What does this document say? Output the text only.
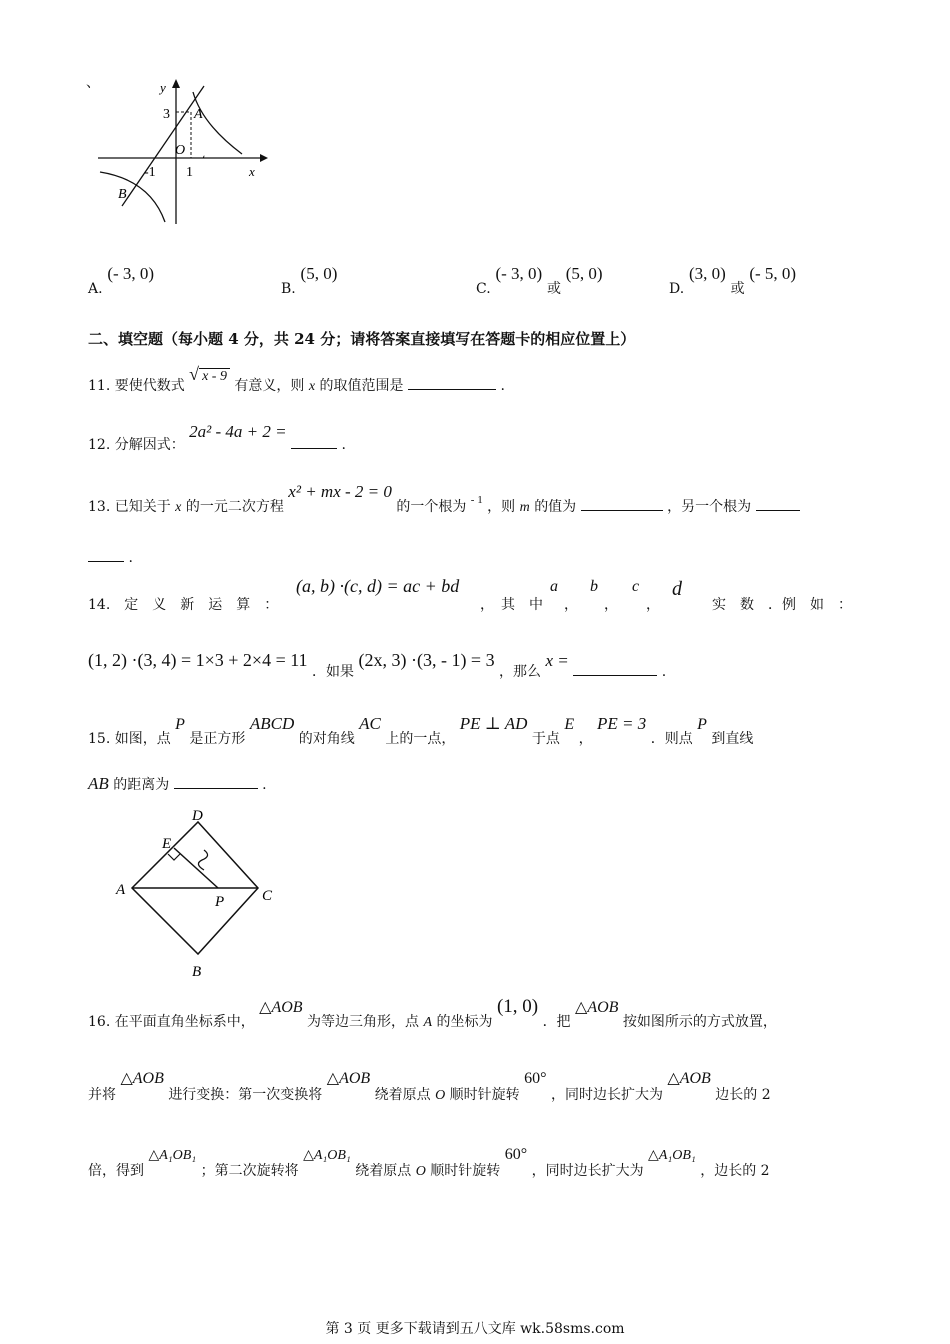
、	y
x
O
A
B
3
-1 1
،
A. (- 3, 0)
B. (5, 0)
C. (- 3, 0) 或 (5, 0)
D. (3, 0) 或 (- 5, 0)
二、填空题（每小题 4 分，共 24 分；请将答案直接填写在答题卡的相应位置上）
11. 要使代数式 √ x - 9 有意义，则 x 的取值范围是	.
12. 分解因式： 2a² - 4a + 2 =  .
13. 已知关于 x 的一元二次方程 x² + mx - 2 = 0 的一个根为 $_{- 1}$ ，则 m 的值为	，另一个根为
.
14.　定　义　新　运　算　：
(a, b) ·(c, d) = ac + bd
，　其　中
a
，
b
，
c
，
d
实　数　．例　如　：
(1, 2) ·(3, 4) = 1×3 + 2×4 = 11 ．如果 (2x, 3) ·(3, - 1) = 3 ，那么 x =  .
15. 如图，点 P 是正方形 ABCD 的对角线 AC 上的一点， PE ⊥ AD 于点 E ， PE = 3 ．则点 P 到直线
AB 的距离为	.
D
E
A	C
P
B
16. 在平面直角坐标系中， △AOB 为等边三角形，点 A 的坐标为 (1, 0) ．把 △AOB 按如图所示的方式放置，
并将 △AOB 进行变换：第一次变换将 △AOB 绕着原点 O 顺时针旋转 60° ，同时边长扩大为 △AOB 边长的 2
倍，得到 △A₁OB₁ ；第二次旋转将 △A₁OB₁ 绕着原点 O 顺时针旋转 60° ，同时边长扩大为 △A₁OB₁ ，边长的 2
第 3 页 更多下载请到五八文库 wk.58sms.com
